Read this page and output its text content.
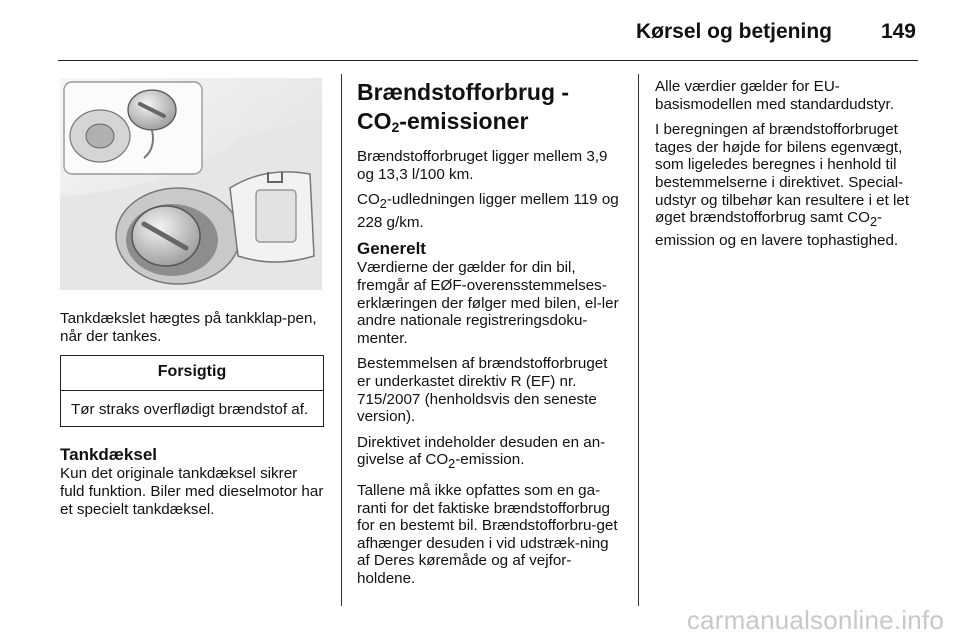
Kørsel og betjening 149

Tankdækslet hægtes på tankklap-pen, når der tankes.

Forsigtig
Tør straks overflødigt brændstof af.
Tankdæksel

Kun det originale tankdæksel sikrer fuld funktion. Biler med dieselmotor har et specielt tankdæksel.

Brændstofforbrug - $CO_2$-emissioner

Brændstofforbruget ligger mellem 3,9 og 13,3 l/100 km.

$CO_2$-udledningen ligger mellem 119 og 228 g/km.

Generelt

Værdierne der gælder for din bil, fremgår af EØF-overensstemmelses-erklæringen der følger med bilen, el-ler andre nationale registreringsdoku-menter.

Bestemmelsen af brændstofforbruget er underkastet direktiv R (EF) nr. 715/2007 (henholdsvis den seneste version).

Direktivet indeholder desuden en an-givelse af $CO_2$-emission.

Tallene må ikke opfattes som en ga-ranti for det faktiske brændstofforbrug for en bestemt bil. Brændstofforbru-get afhænger desuden i vid udstræk-ning af Deres køremåde og af vejfor-holdene.

Alle værdier gælder for EU-basismodellen med standardudstyr.

I beregningen af brændstofforbruget tages der højde for bilens egenvægt, som ligeledes beregnes i henhold til bestemmelserne i direktivet. Special-udstyr og tilbehør kan resultere i et let øget brændstofforbrug samt $CO_2$-emission og en lavere tophastighed.

carmanualsonline.info
